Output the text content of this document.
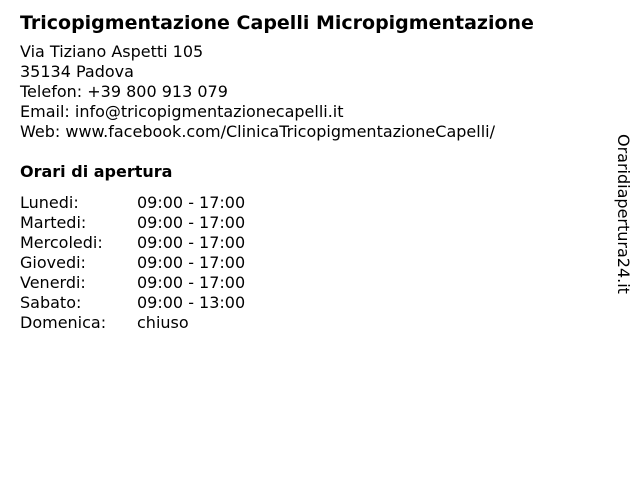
Tricopigmentazione Capelli Micropigmentazione
Via Tiziano Aspetti 105
35134 Padova
Telefon: +39 800 913 079
Email: info@tricopigmentazionecapelli.it
Web: www.facebook.com/ClinicaTricopigmentazioneCapelli/
Orari di apertura
Lunedi:	09:00 - 17:00
Martedi:	09:00 - 17:00
Mercoledi:	09:00 - 17:00
Giovedi:	09:00 - 17:00
Venerdi:	09:00 - 17:00
Sabato:	09:00 - 13:00
Domenica:	chiuso
Oraridiapertura24.it
